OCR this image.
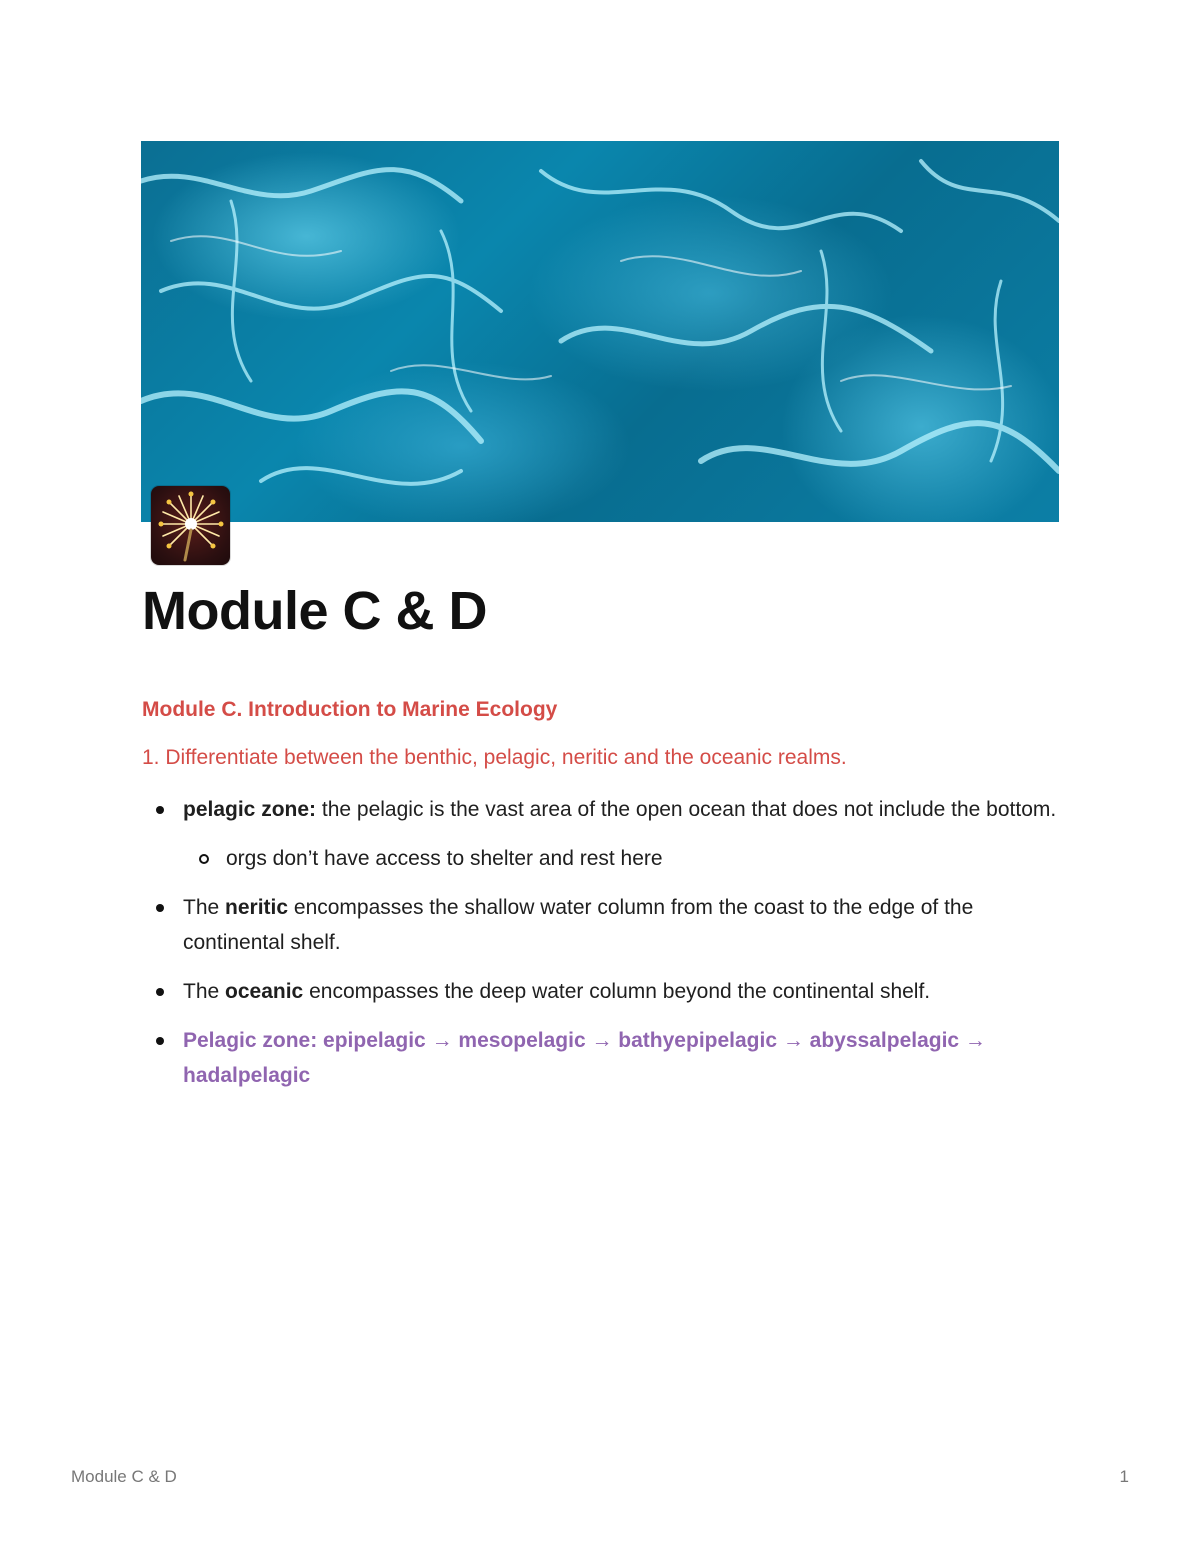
Module C & D
Module C. Introduction to Marine Ecology

1. Differentiate between the benthic, pelagic, neritic and the oceanic realms.

pelagic zone: the pelagic is the vast area of the open ocean that does not include the bottom.
orgs don’t have access to shelter and rest here
The neritic encompasses the shallow water column from the coast to the edge of the continental shelf.
The oceanic encompasses the deep water column beyond the continental shelf.
Pelagic zone: epipelagic → mesopelagic → bathyepipelagic → abyssalpelagic → hadalpelagic
Module C & D	1
